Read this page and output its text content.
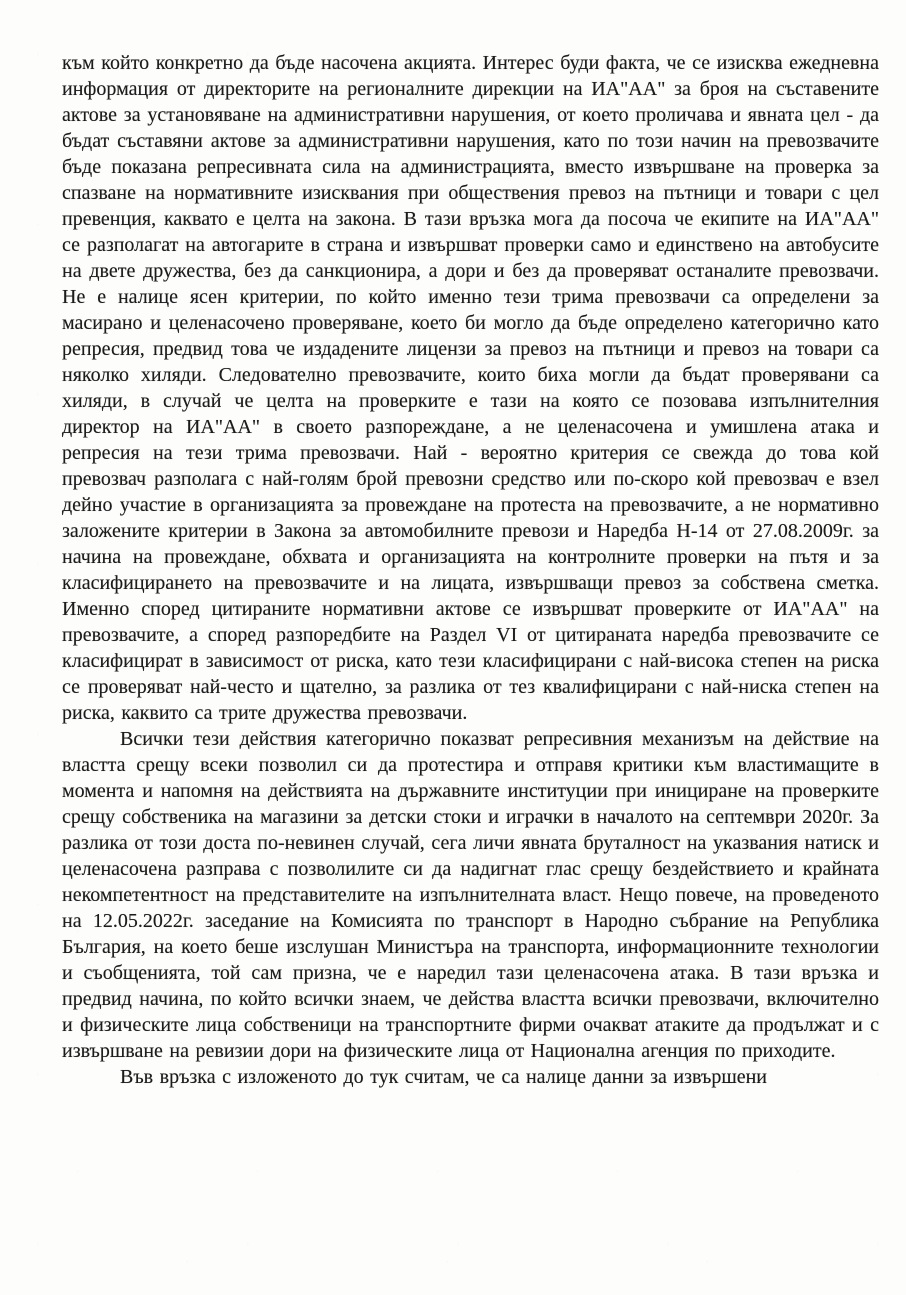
към който конкретно да бъде насочена акцията. Интерес буди факта, че се изисква ежедневна информация от директорите на регионалните дирекции на ИА"АА" за броя на съставените актове за установяване на административни нарушения, от което проличава и явната цел - да бъдат съставяни актове за административни нарушения, като по този начин на превозвачите бъде показана репресивната сила на администрацията, вместо извършване на проверка за спазване на нормативните изисквания при обществения превоз на пътници и товари с цел превенция, каквато е целта на закона. В тази връзка мога да посоча че екипите на ИА"АА" се разполагат на автогарите в страна и извършват проверки само и единствено на автобусите на двете дружества, без да санкционира, а дори и без да проверяват останалите превозвачи. Не е налице ясен критерии, по който именно тези трима превозвачи са определени за масирано и целенасочено проверяване, което би могло да бъде определено категорично като репресия, предвид това че издадените лицензи за превоз на пътници и превоз на товари са няколко хиляди. Следователно превозвачите, които биха могли да бъдат проверявани са хиляди, в случай че целта на проверките е тази на която се позовава изпълнителния директор на ИА"АА" в своето разпореждане, а не целенасочена и умишлена атака и репресия на тези трима превозвачи. Най - вероятно критерия се свежда до това кой превозвач разполага с най-голям брой превозни средство или по-скоро кой превозвач е взел дейно участие в организацията за провеждане на протеста на превозвачите, а не нормативно заложените критерии в Закона за автомобилните превози и Наредба Н-14 от 27.08.2009г. за начина на провеждане, обхвата и организацията на контролните проверки на пътя и за класифицирането на превозвачите и на лицата, извършващи превоз за собствена сметка. Именно според цитираните нормативни актове се извършват проверките от ИА"АА" на превозвачите, а според разпоредбите на Раздел VI от цитираната наредба превозвачите се класифицират в зависимост от риска, като тези класифицирани с най-висока степен на риска се проверяват най-често и щателно, за разлика от тез квалифицирани с най-ниска степен на риска, каквито са трите дружества превозвачи.

Всички тези действия категорично показват репресивния механизъм на действие на властта срещу всеки позволил си да протестира и отправя критики към властимащите в момента и напомня на действията на държавните институции при инициране на проверките срещу собственика на магазини за детски стоки и играчки в началото на септември 2020г. За разлика от този доста по-невинен случай, сега личи явната бруталност на указвания натиск и целенасочена разправа с позволилите си да надигнат глас срещу бездействието и крайната некомпетентност на представителите на изпълнителната власт. Нещо повече, на проведеното на 12.05.2022г. заседание на Комисията по транспорт в Народно събрание на Република България, на което беше изслушан Министъра на транспорта, информационните технологии и съобщенията, той сам призна, че е наредил тази целенасочена атака. В тази връзка и предвид начина, по който всички знаем, че действа властта всички превозвачи, включително и физическите лица собственици на транспортните фирми очакват атаките да продължат и с извършване на ревизии дори на физическите лица от Национална агенция по приходите.

Във връзка с изложеното до тук считам, че са налице данни за извършени
